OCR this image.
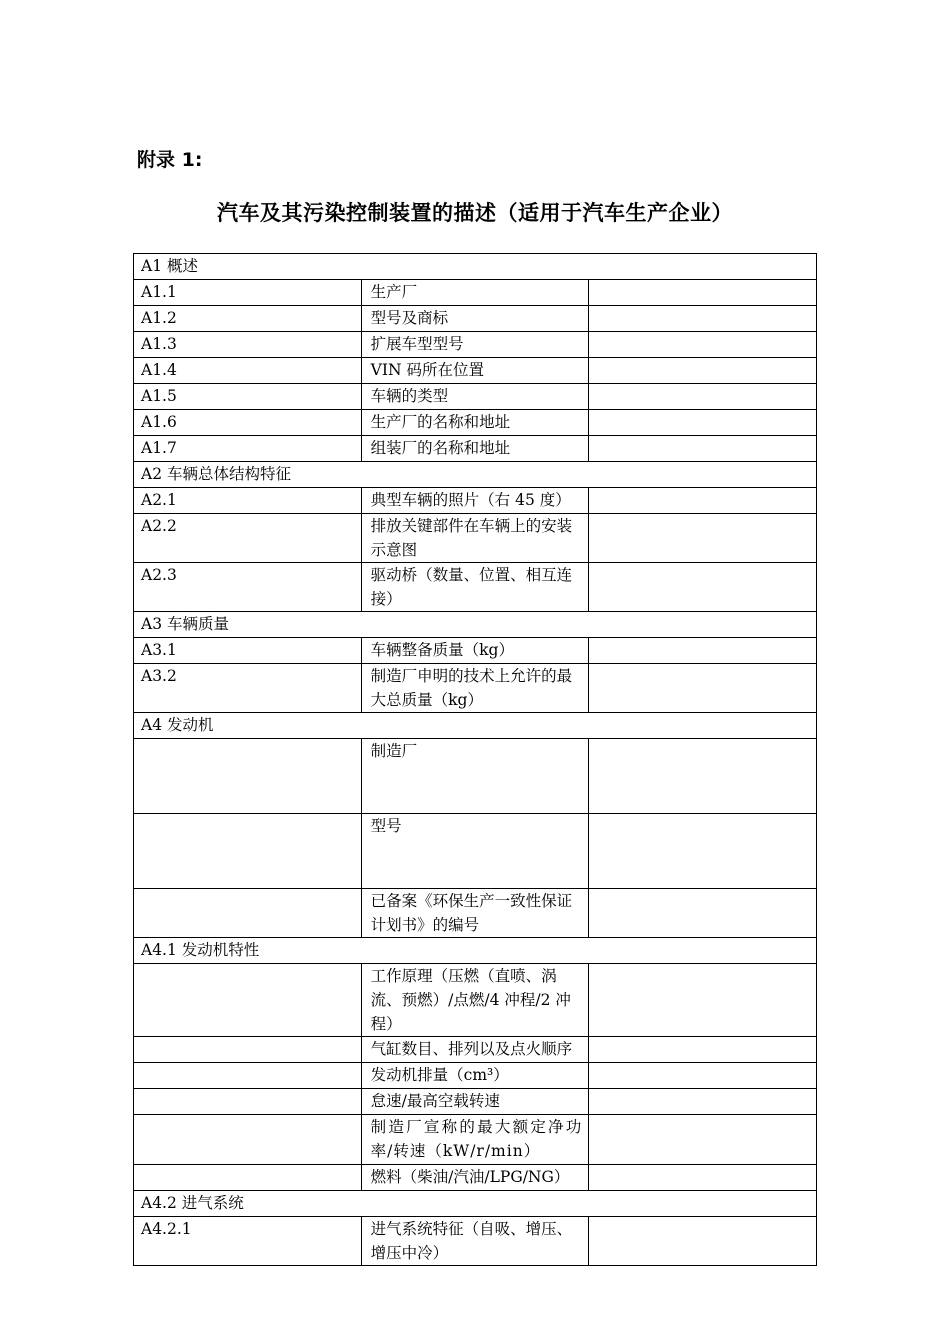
附录 1:
汽车及其污染控制装置的描述（适用于汽车生产企业）
A1 概述		
A1.1	生产厂	
A1.2	型号及商标	
A1.3	扩展车型型号	
A1.4	VIN 码所在位置	
A1.5	车辆的类型	
A1.6	生产厂的名称和地址	
A1.7	组装厂的名称和地址	
A2 车辆总体结构特征		
A2.1	典型车辆的照片（右 45 度）	
A2.2	排放关键部件在车辆上的安装示意图	
A2.3	驱动桥（数量、位置、相互连接）	
A3 车辆质量		
A3.1	车辆整备质量（kg）	
A3.2	制造厂申明的技术上允许的最大总质量（kg）	
A4 发动机		
	制造厂	
	型号	
	已备案《环保生产一致性保证计划书》的编号	
A4.1 发动机特性		
	工作原理（压燃（直喷、涡流、预燃）/点燃/4 冲程/2 冲程）	
	气缸数目、排列以及点火顺序	
	发动机排量（cm³）	
	怠速/最高空载转速	
	制造厂宣称的最大额定净功率/转速（kW/r/min）	
	燃料（柴油/汽油/LPG/NG）	
A4.2 进气系统		
A4.2.1	进气系统特征（自吸、增压、增压中冷）	
